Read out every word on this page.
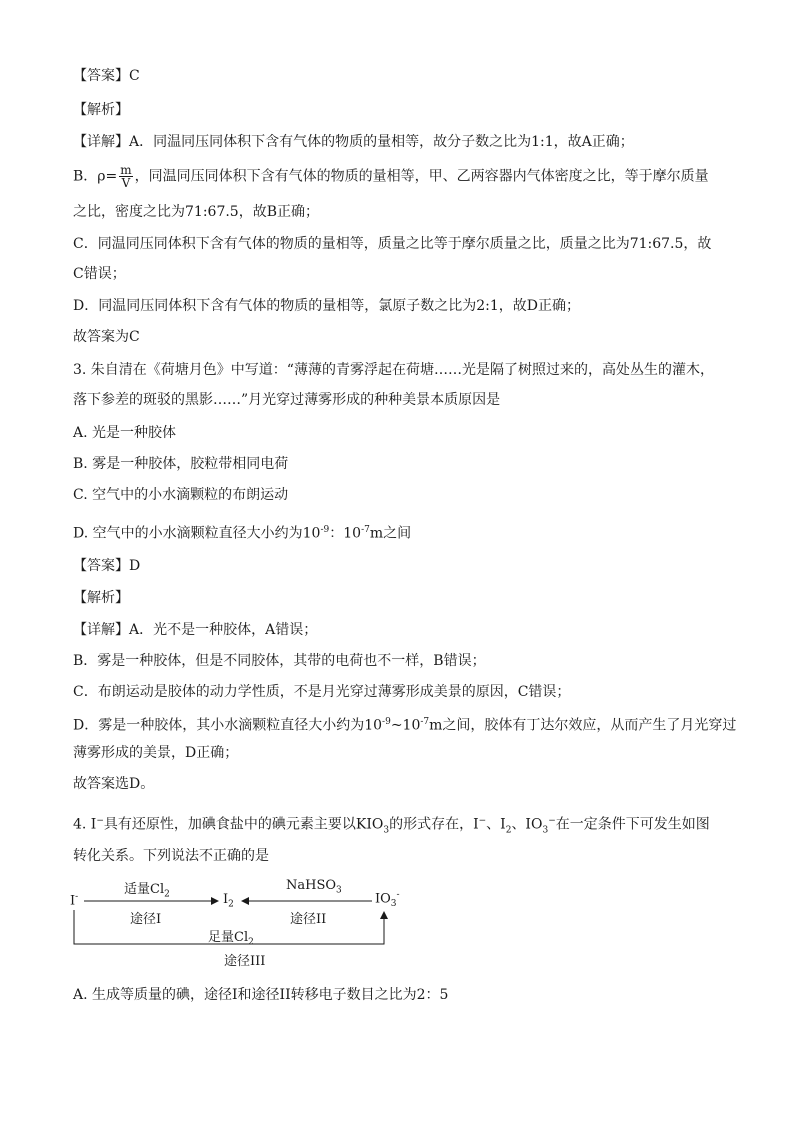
【答案】C
【解析】
【详解】A．同温同压同体积下含有气体的物质的量相等，故分子数之比为1:1，故A正确；
B．$\rho= \frac{m}{V}$ ，同温同压同体积下含有气体的物质的量相等，甲、乙两容器内气体密度之比，等于摩尔质量
之比，密度之比为71:67.5，故B正确；
C．同温同压同体积下含有气体的物质的量相等，质量之比等于摩尔质量之比，质量之比为71:67.5，故
C错误；
D．同温同压同体积下含有气体的物质的量相等，氯原子数之比为2:1，故D正确；
故答案为C
3. 朱自清在《荷塘月色》中写道：“薄薄的青雾浮起在荷塘……光是隔了树照过来的，高处丛生的灌木，
落下参差的斑驳的黑影……”月光穿过薄雾形成的种种美景本质原因是
A. 光是一种胶体
B. 雾是一种胶体，胶粒带相同电荷
C. 空气中的小水滴颗粒的布朗运动
D. 空气中的小水滴颗粒直径大小约为$10^{-9}$：$10^{-7}m$之间
【答案】D
【解析】
【详解】A．光不是一种胶体，A错误；
B．雾是一种胶体，但是不同胶体，其带的电荷也不一样，B错误；
C．布朗运动是胶体的动力学性质，不是月光穿过薄雾形成美景的原因，C错误；
D．雾是一种胶体，其小水滴颗粒直径大小约为$10^{-9}\sim 10^{-7}m$之间，胶体有丁达尔效应，从而产生了月光穿过
薄雾形成的美景，D正确；
故答案选D。
4. I−具有还原性，加碘食盐中的碘元素主要以$KIO_3$的形式存在，I−、$I_2$、$IO_3^-$在一定条件下可发生如图
转化关系。下列说法不正确的是
I-	$I_2$	$IO_3^-$
适量$Cl_2$
途径I
NaHSO$_3$
途径II
足量$Cl_2$
途径III
A. 生成等质量的碘，途径I和途径II转移电子数目之比为2：5
